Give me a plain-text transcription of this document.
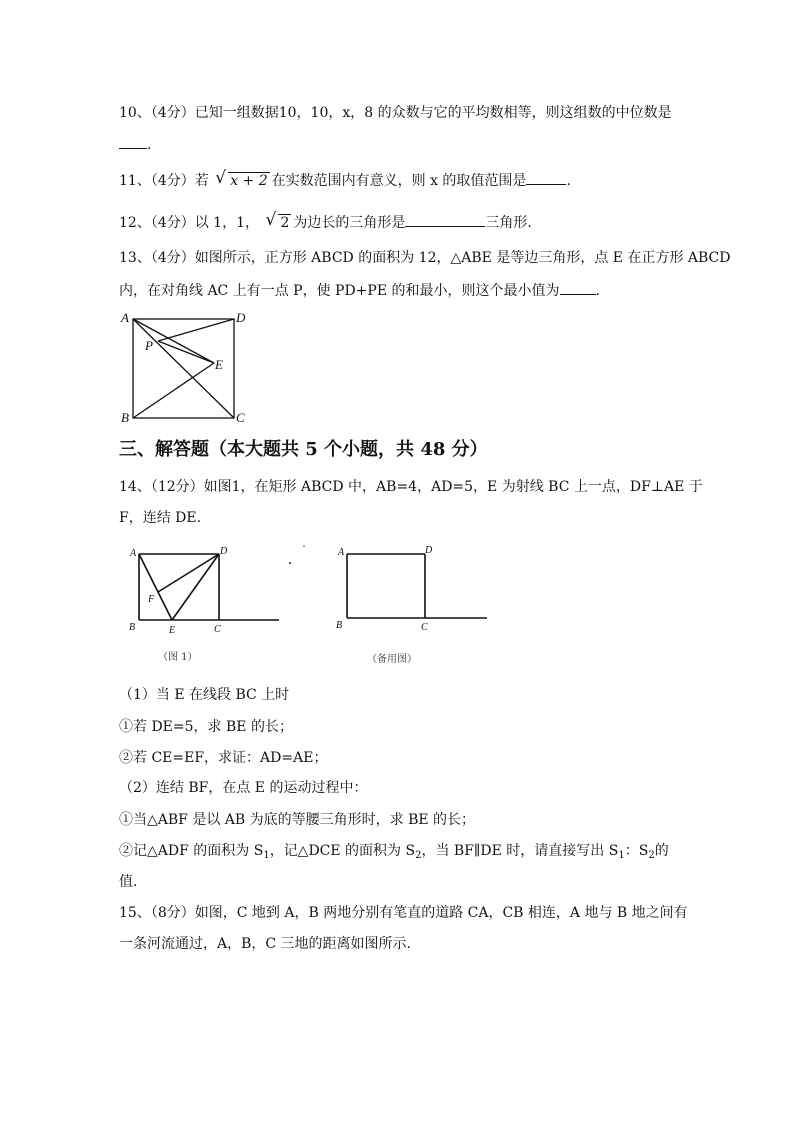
10、（4分）已知一组数据10，10，x，8 的众数与它的平均数相等，则这组数的中位数是
.
11、（4分）若 √ x + 2 在实数范围内有意义，则 x 的取值范围是	.
12、（4分）以 1，1， √ 2 为边长的三角形是	三角形.
13、（4分）如图所示，正方形 ABCD 的面积为 12，△ABE 是等边三角形，点 E 在正方形 ABCD
内，在对角线 AC 上有一点 P，使 PD+PE 的和最小，则这个最小值为	.
A	D
B	C
E
P
三、解答题（本大题共 5 个小题，共 48 分）
14、（12分）如图1，在矩形 ABCD 中，AB=4，AD=5，E 为射线 BC 上一点，DF⊥AE 于
F，连结 DE.
A	D
B	C
E
F
（图 1）
A	D
B	C
（备用图）
（1）当 E 在线段 BC 上时
①若 DE=5，求 BE 的长；
②若 CE=EF，求证：AD=AE；
（2）连结 BF，在点 E 的运动过程中：
①当△ABF 是以 AB 为底的等腰三角形时，求 BE 的长；
②记△ADF 的面积为 $S_1$，记△DCE 的面积为 $S_2$，当 BF∥DE 时，请直接写出 $S_1$：$S_2$的
值.
15、（8分）如图，C 地到 A，B 两地分别有笔直的道路 CA，CB 相连，A 地与 B 地之间有
一条河流通过，A，B，C 三地的距离如图所示.
